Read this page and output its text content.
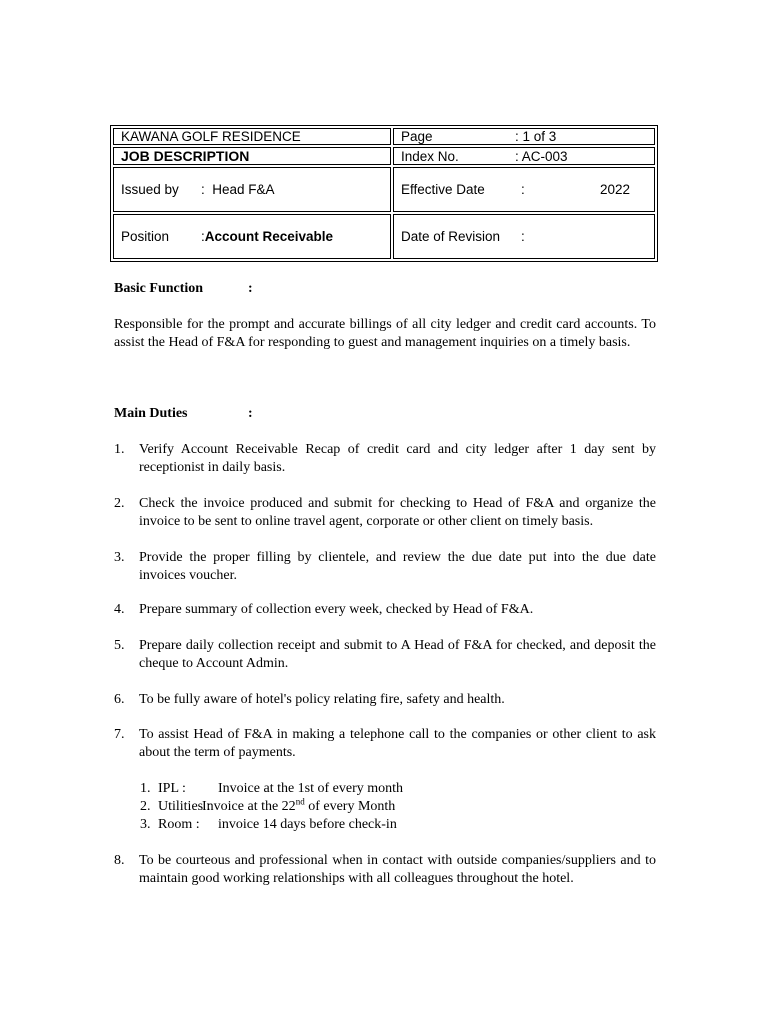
KAWANA GOLF RESIDENCE	Page : 1 of 3
JOB DESCRIPTION	Index No. : AC-003
Issued by :  Head F&A	Effective Date : 2022

Position :Account Receivable	Date of Revision :
Basic Function	:
Responsible for the prompt and accurate billings of all city ledger and credit card accounts. To assist the Head of F&A for responding to guest and management inquiries on a timely basis.
Main Duties	:
1.	Verify Account Receivable Recap of credit card and city ledger after 1 day sent by receptionist in daily basis.
2.	Check the invoice produced and submit for checking to Head of F&A and organize the invoice to be sent to online travel agent, corporate or other client on timely basis.
3.	Provide the proper filling by clientele, and review the due date put into the due date invoices voucher.
4.	Prepare summary of collection every week, checked by Head of F&A.
5.	Prepare daily collection receipt and submit to A Head of F&A for checked, and deposit the cheque to Account Admin.
6.	To be fully aware of hotel's policy relating fire, safety and health.
7.	To assist Head of F&A in making a telephone call to the companies or other client to ask about the term of payments.
1. IPL : Invoice at the 1st of every month
2. Utilities :
Invoice at the 22nd of every Month
3. Room : invoice 14 days before check-in
8.	To be courteous and professional when in contact with outside companies/suppliers and to maintain good working relationships with all colleagues throughout the hotel.
